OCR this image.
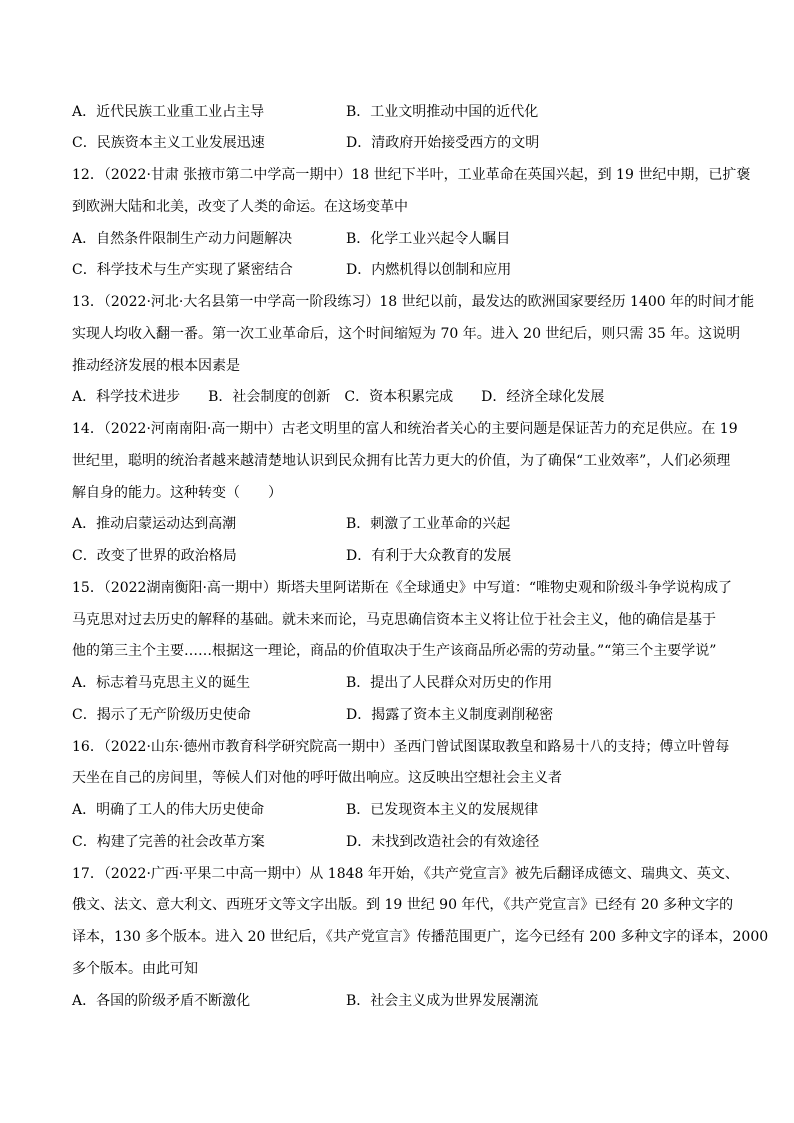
A．近代民族工业重工业占主导	B．工业文明推动中国的近代化
C．民族资本主义工业发展迅速	D．清政府开始接受西方的文明
12．（2022·甘肃 张掖市第二中学高一期中）18 世纪下半叶，工业革命在英国兴起，到 19 世纪中期，已扩褒
到欧洲大陆和北美，改变了人类的命运。在这场变革中
A．自然条件限制生产动力问题解决	B．化学工业兴起令人瞩目
C．科学技术与生产实现了紧密结合	D．内燃机得以创制和应用
13．（2022·河北·大名县第一中学高一阶段练习）18 世纪以前，最发达的欧洲国家要经历 1400 年的时间才能
实现人均收入翻一番。第一次工业革命后，这个时间缩短为 70 年。进入 20 世纪后，则只需 35 年。这说明
推动经济发展的根本因素是
A．科学技术进步　　B．社会制度的创新　C．资本积累完成　　D．经济全球化发展
14．（2022·河南南阳·高一期中）古老文明里的富人和统治者关心的主要问题是保证苦力的充足供应。在 19
世纪里，聪明的统治者越来越清楚地认识到民众拥有比苦力更大的价值，为了确保“工业效率”，人们必须理
解自身的能力。这种转变（　　）
A．推动启蒙运动达到高潮	B．刺激了工业革命的兴起
C．改变了世界的政治格局	D．有利于大众教育的发展
15．（2022湖南衡阳·高一期中）斯塔夫里阿诺斯在《全球通史》中写道：“唯物史观和阶级斗争学说构成了
马克思对过去历史的解释的基础。就未来而论，马克思确信资本主义将让位于社会主义，他的确信是基于
他的第三主个主要……根据这一理论，商品的价值取决于生产该商品所必需的劳动量。”“第三个主要学说”
A．标志着马克思主义的诞生	B．提出了人民群众对历史的作用
C．揭示了无产阶级历史使命	D．揭露了资本主义制度剥削秘密
16．（2022·山东·德州市教育科学研究院高一期中）圣西门曾试图谋取教皇和路易十八的支持；傅立叶曾每
天坐在自己的房间里，等候人们对他的呼吁做出响应。这反映出空想社会主义者
A．明确了工人的伟大历史使命	B．已发现资本主义的发展规律
C．构建了完善的社会改革方案	D．未找到改造社会的有效途径
17．（2022·广西·平果二中高一期中）从 1848 年开始，《共产党宣言》被先后翻译成德文、瑞典文、英文、
俄文、法文、意大利文、西班牙文等文字出版。到 19 世纪 90 年代，《共产党宣言》已经有 20 多种文字的
译本，130 多个版本。进入 20 世纪后，《共产党宣言》传播范围更广，迄今已经有 200 多种文字的译本，2000
多个版本。由此可知
A．各国的阶级矛盾不断激化	B．社会主义成为世界发展潮流
